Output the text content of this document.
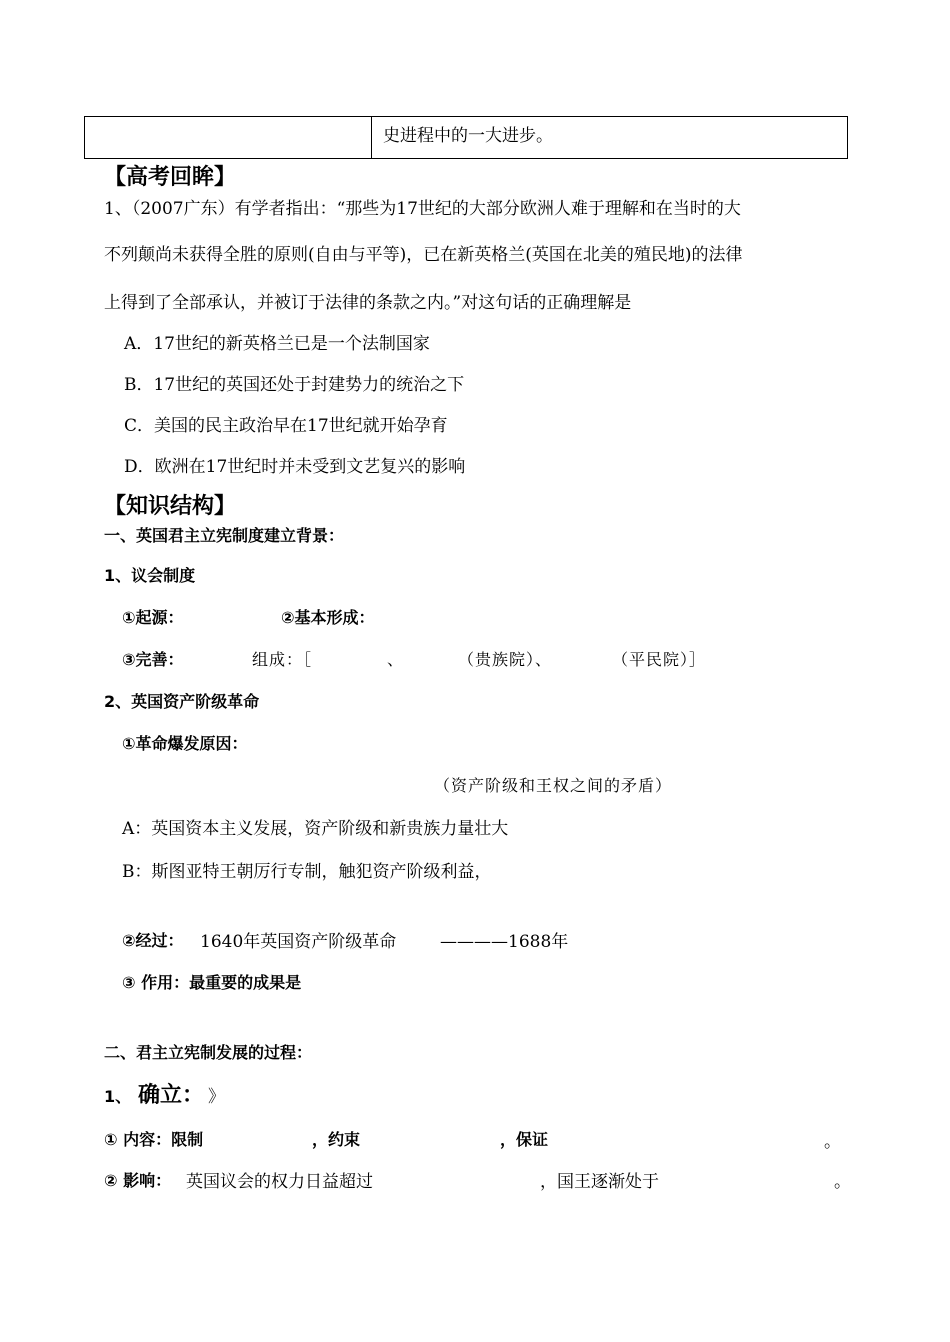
史进程中的一大进步。
【高考回眸】
1、（2007广东）有学者指出：“那些为17世纪的大部分欧洲人难于理解和在当时的大
不列颠尚未获得全胜的原则(自由与平等)，已在新英格兰(英国在北美的殖民地)的法律
上得到了全部承认，并被订于法律的条款之内。”对这句话的正确理解是
A．17世纪的新英格兰已是一个法制国家
B．17世纪的英国还处于封建势力的统治之下
C．美国的民主政治早在17世纪就开始孕育
D．欧洲在17世纪时并未受到文艺复兴的影响
【知识结构】
一、英国君主立宪制度建立背景：
1、议会制度
①起源：	②基本形成：
③完善：	组成：［	、	（贵族院）、	（平民院）］
2、英国资产阶级革命
①革命爆发原因：
（资产阶级和王权之间的矛盾）
A：英国资本主义发展，资产阶级和新贵族力量壮大
B：斯图亚特王朝厉行专制，触犯资产阶级利益，
②经过： 1640年英国资产阶级革命	————1688年
③ 作用：最重要的成果是
二、君主立宪制发展的过程：
1、 确立： 》
① 内容：限制	，约束	，保证	。
② 影响： 英国议会的权力日益超过	，国王逐渐处于	。
